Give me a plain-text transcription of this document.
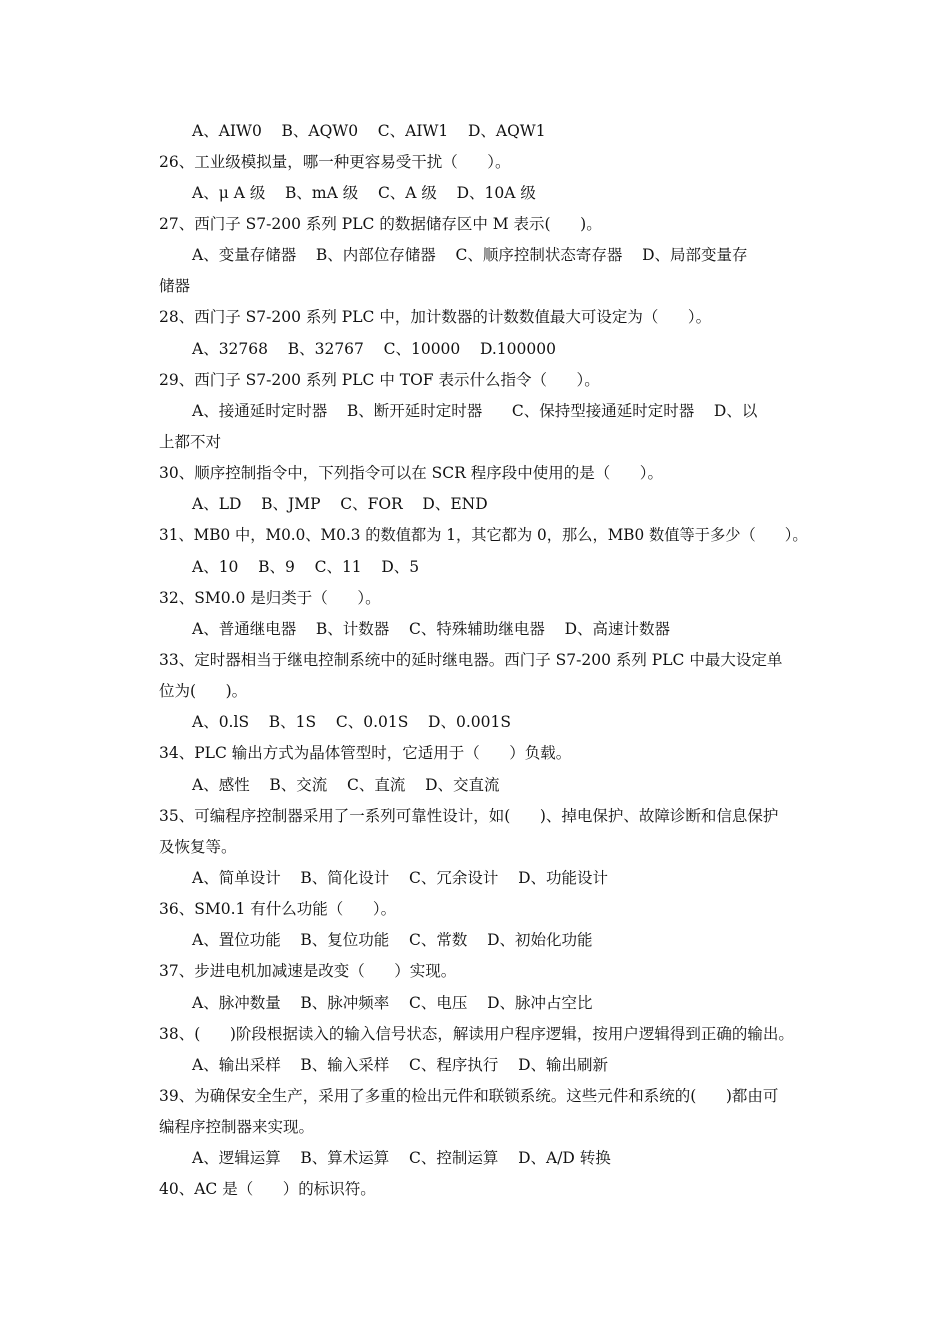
A、AIW0    B、AQW0    C、AIW1    D、AQW1
26、工业级模拟量，哪一种更容易受干扰（      ）。
A、μ A 级    B、mA 级    C、A 级    D、10A 级
27、西门子 S7-200 系列 PLC 的数据储存区中 M 表示(      )。
A、变量存储器    B、内部位存储器    C、顺序控制状态寄存器    D、局部变量存
储器
28、西门子 S7-200 系列 PLC 中，加计数器的计数数值最大可设定为（      ）。
A、32768    B、32767    C、10000    D.100000
29、西门子 S7-200 系列 PLC 中 TOF 表示什么指令（      ）。
A、接通延时定时器    B、断开延时定时器      C、保持型接通延时定时器    D、以
上都不对
30、顺序控制指令中，下列指令可以在 SCR 程序段中使用的是（      ）。
A、LD    B、JMP    C、FOR    D、END
31、MB0 中，M0.0、M0.3 的数值都为 1，其它都为 0，那么，MB0 数值等于多少（      ）。
A、10    B、9    C、11    D、5
32、SM0.0 是归类于（      ）。
A、普通继电器    B、计数器    C、特殊辅助继电器    D、高速计数器
33、定时器相当于继电控制系统中的延时继电器。西门子 S7-200 系列 PLC 中最大设定单
位为(      )。
A、0.lS    B、1S    C、0.01S    D、0.001S
34、PLC 输出方式为晶体管型时，它适用于（      ）负载。
A、感性    B、交流    C、直流    D、交直流
35、可编程序控制器采用了一系列可靠性设计，如(      )、掉电保护、故障诊断和信息保护
及恢复等。
A、简单设计    B、简化设计    C、冗余设计    D、功能设计
36、SM0.1 有什么功能（      ）。
A、置位功能    B、复位功能    C、常数    D、初始化功能
37、步进电机加减速是改变（      ）实现。
A、脉冲数量    B、脉冲频率    C、电压    D、脉冲占空比
38、(      )阶段根据读入的输入信号状态，解读用户程序逻辑，按用户逻辑得到正确的输出。
A、输出采样    B、输入采样    C、程序执行    D、输出刷新
39、为确保安全生产，采用了多重的检出元件和联锁系统。这些元件和系统的(      )都由可
编程序控制器来实现。
A、逻辑运算    B、算术运算    C、控制运算    D、A/D 转换
40、AC 是（      ）的标识符。
